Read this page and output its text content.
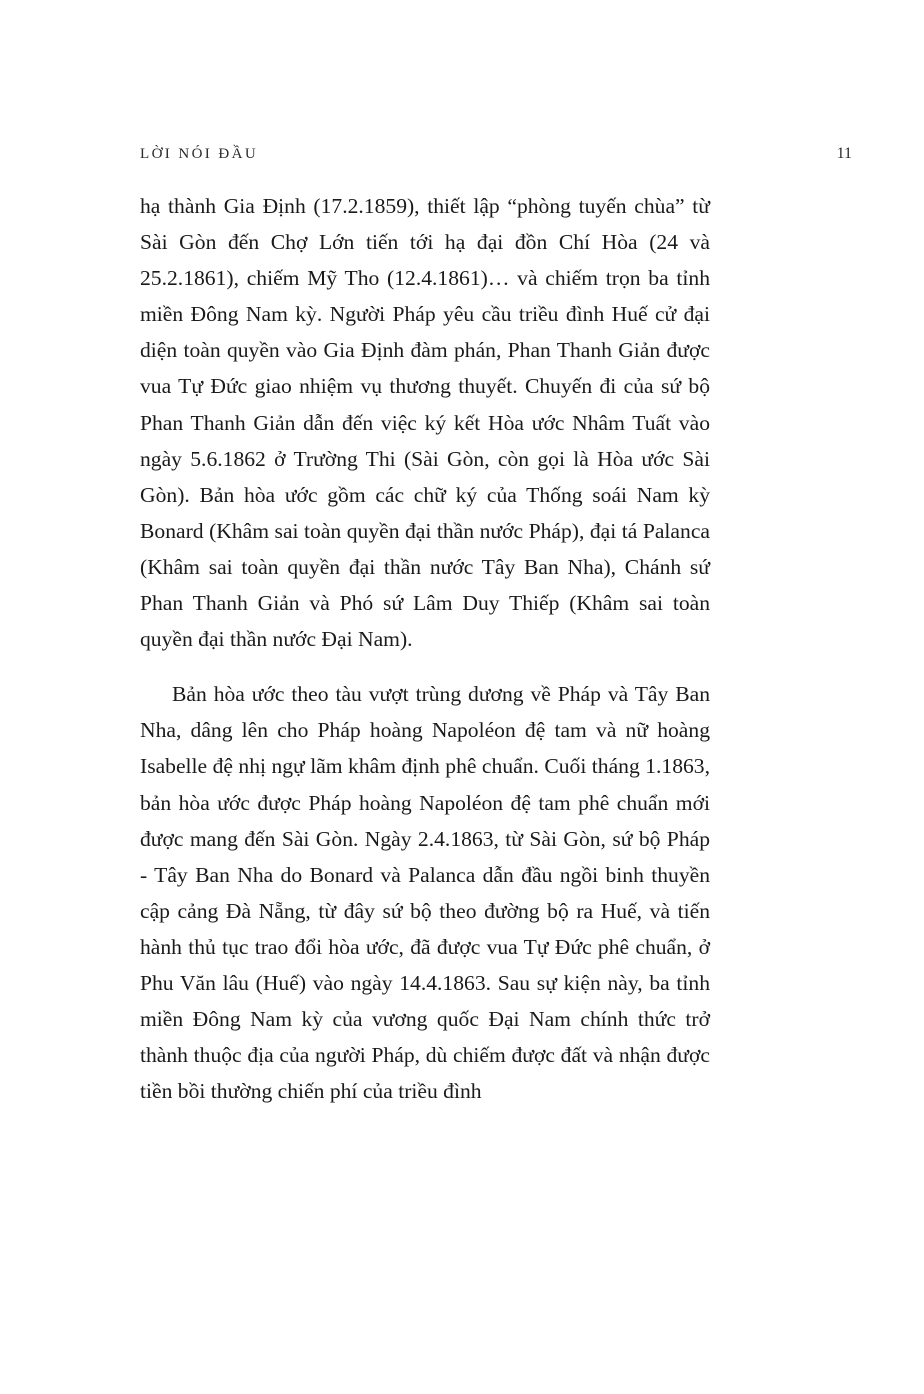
LỜI NÓI ĐẦU	11

hạ thành Gia Định (17.2.1859), thiết lập “phòng tuyến chùa” từ Sài Gòn đến Chợ Lớn tiến tới hạ đại đồn Chí Hòa (24 và 25.2.1861), chiếm Mỹ Tho (12.4.1861)… và chiếm trọn ba tỉnh miền Đông Nam kỳ. Người Pháp yêu cầu triều đình Huế cử đại diện toàn quyền vào Gia Định đàm phán, Phan Thanh Giản được vua Tự Đức giao nhiệm vụ thương thuyết. Chuyến đi của sứ bộ Phan Thanh Giản dẫn đến việc ký kết Hòa ước Nhâm Tuất vào ngày 5.6.1862 ở Trường Thi (Sài Gòn, còn gọi là Hòa ước Sài Gòn). Bản hòa ước gồm các chữ ký của Thống soái Nam kỳ Bonard (Khâm sai toàn quyền đại thần nước Pháp), đại tá Palanca (Khâm sai toàn quyền đại thần nước Tây Ban Nha), Chánh sứ Phan Thanh Giản và Phó sứ Lâm Duy Thiếp (Khâm sai toàn quyền đại thần nước Đại Nam).

Bản hòa ước theo tàu vượt trùng dương về Pháp và Tây Ban Nha, dâng lên cho Pháp hoàng Napoléon đệ tam và nữ hoàng Isabelle đệ nhị ngự lãm khâm định phê chuẩn. Cuối tháng 1.1863, bản hòa ước được Pháp hoàng Napoléon đệ tam phê chuẩn mới được mang đến Sài Gòn. Ngày 2.4.1863, từ Sài Gòn, sứ bộ Pháp - Tây Ban Nha do Bonard và Palanca dẫn đầu ngồi binh thuyền cập cảng Đà Nẵng, từ đây sứ bộ theo đường bộ ra Huế, và tiến hành thủ tục trao đổi hòa ước, đã được vua Tự Đức phê chuẩn, ở Phu Văn lâu (Huế) vào ngày 14.4.1863. Sau sự kiện này, ba tỉnh miền Đông Nam kỳ của vương quốc Đại Nam chính thức trở thành thuộc địa của người Pháp, dù chiếm được đất và nhận được tiền bồi thường chiến phí của triều đình
